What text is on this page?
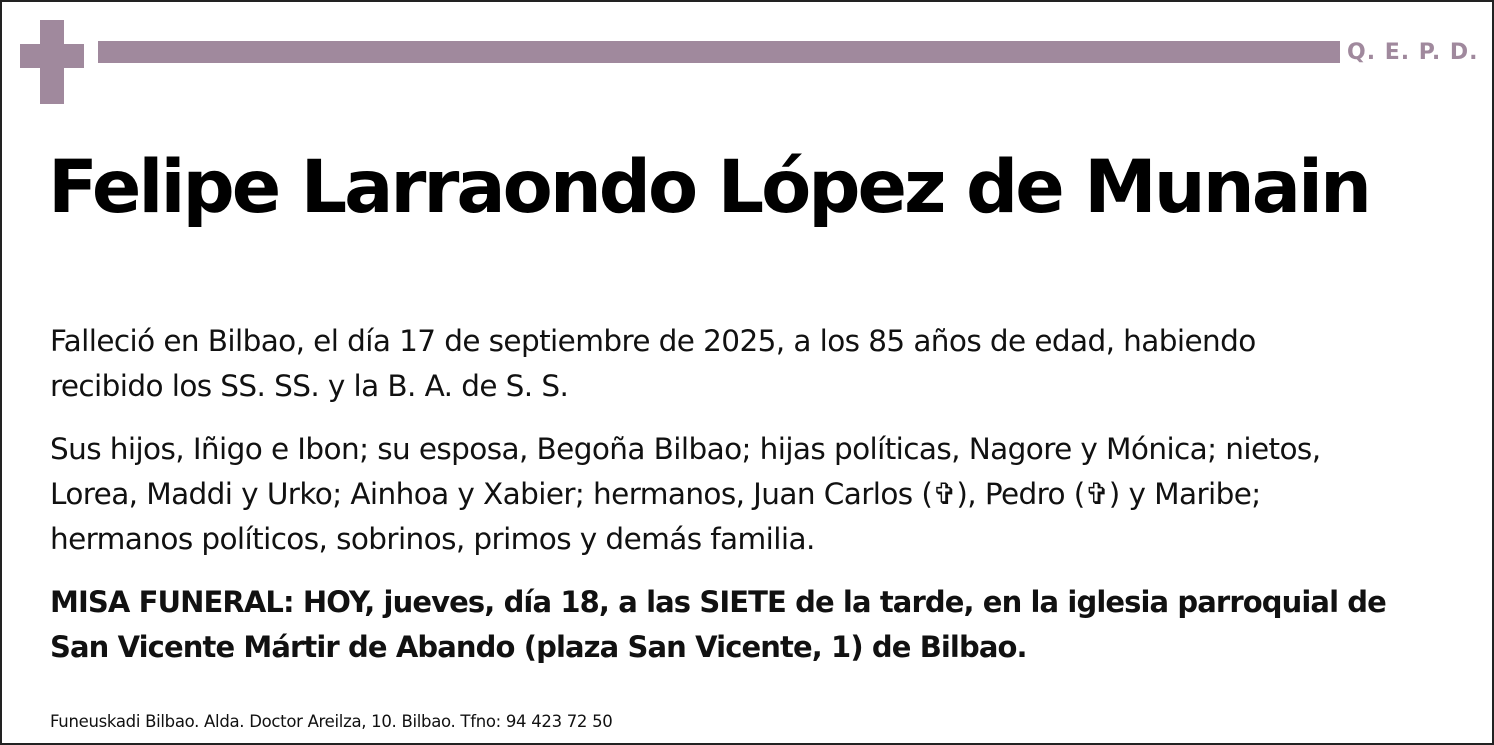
Q. E. P. D.
Felipe Larraondo López de Munain
Falleció en Bilbao, el día 17 de septiembre de 2025, a los 85 años de edad, habiendo
recibido los SS. SS. y la B. A. de S. S.
Sus hijos, Iñigo e Ibon; su esposa, Begoña Bilbao; hijas políticas, Nagore y Mónica; nietos,
Lorea, Maddi y Urko; Ainhoa y Xabier; hermanos, Juan Carlos (✞), Pedro (✞) y Maribe;
hermanos políticos, sobrinos, primos y demás familia.
MISA FUNERAL: HOY, jueves, día 18, a las SIETE de la tarde, en la iglesia parroquial de
San Vicente Mártir de Abando (plaza San Vicente, 1) de Bilbao.
Funeuskadi Bilbao. Alda. Doctor Areilza, 10. Bilbao. Tfno: 94 423 72 50
